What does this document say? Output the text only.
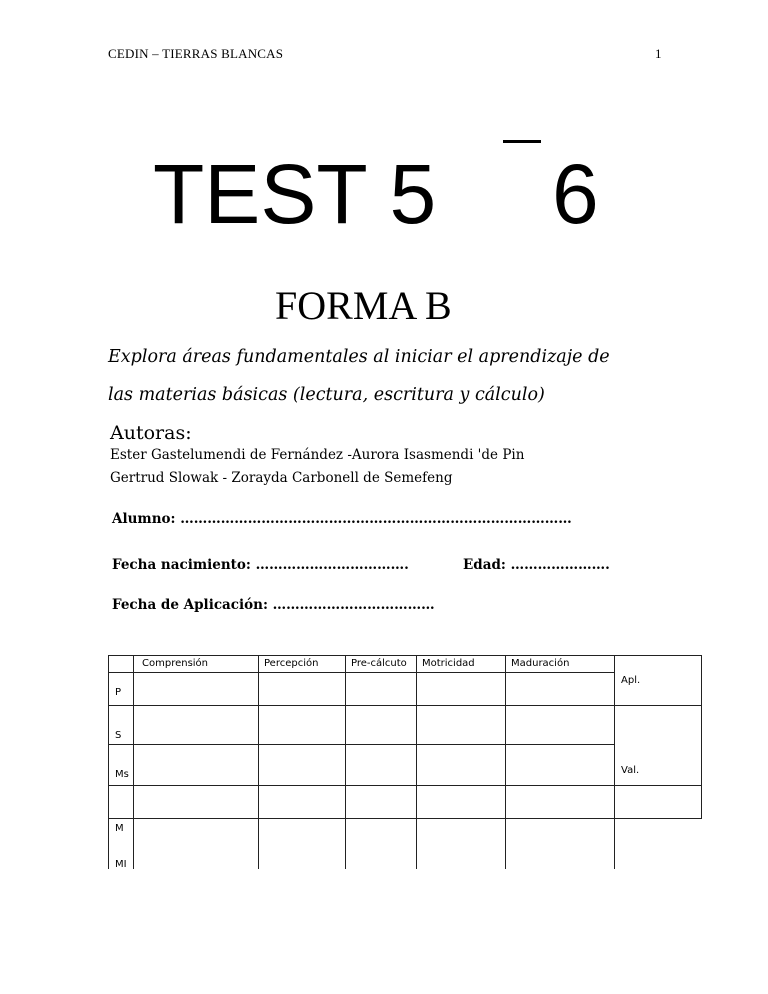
CEDIN – TIERRAS BLANCAS	1
TEST 5 6
FORMA B
Explora áreas fundamentales al iniciar el aprendizaje de
las materias básicas (lectura, escritura y cálculo)
Autoras:
Ester Gastelumendi de Fernández -Aurora Isasmendi 'de Pin
Gertrud Slowak - Zorayda Carbonell de Semefeng
Alumno: ……………………………………………………………………………
Fecha nacimiento: …………………………….	Edad: ………………….
Fecha de Aplicación: ………………………………

	Comprensión	Percepción	Pre-cálcuto	Motricidad	Maduración	

P						Apl.

S						

Ms						Val.

M
MI						
